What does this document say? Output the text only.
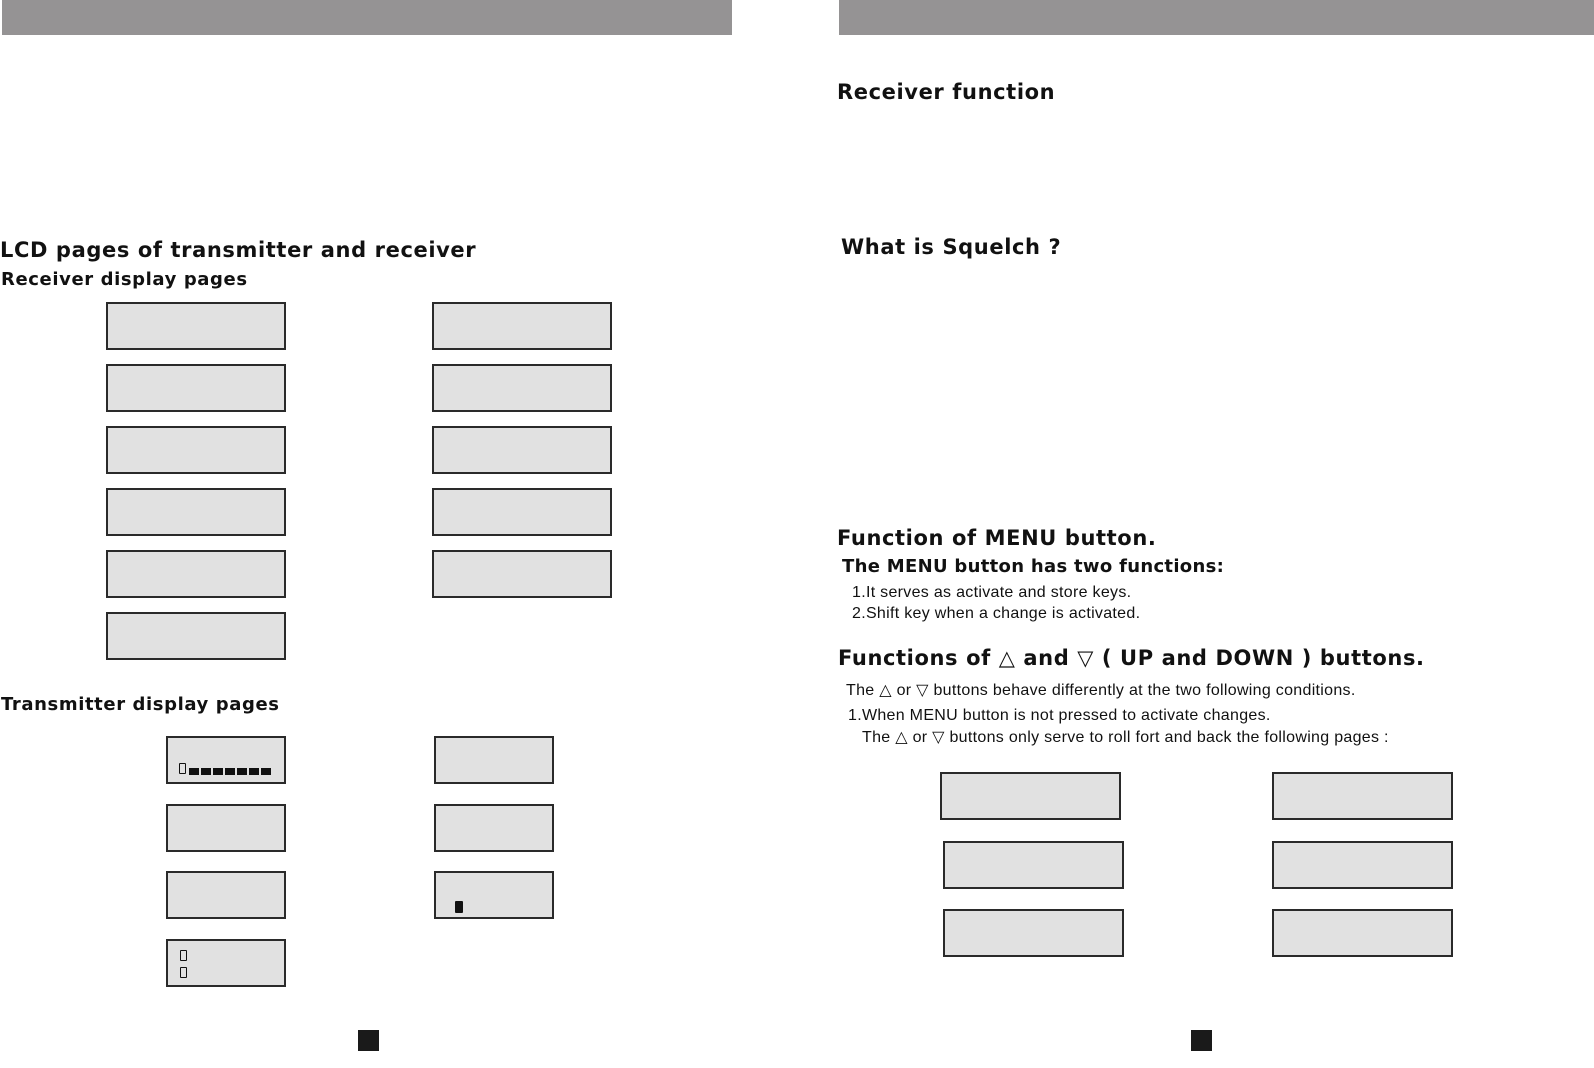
LCD pages of transmitter and receiver
Receiver display pages
Transmitter display pages
Receiver function
What is Squelch ?
Function of MENU button.
The MENU button has two functions:
1.It serves as activate and store keys.
2.Shift key when a change is activated.
Functions of △ and ▽ ( UP and DOWN ) buttons.
The △ or ▽ buttons behave differently at the two following conditions.
1.When MENU button is not pressed to activate changes.
The △ or ▽ buttons only serve to roll fort and back the following pages :
